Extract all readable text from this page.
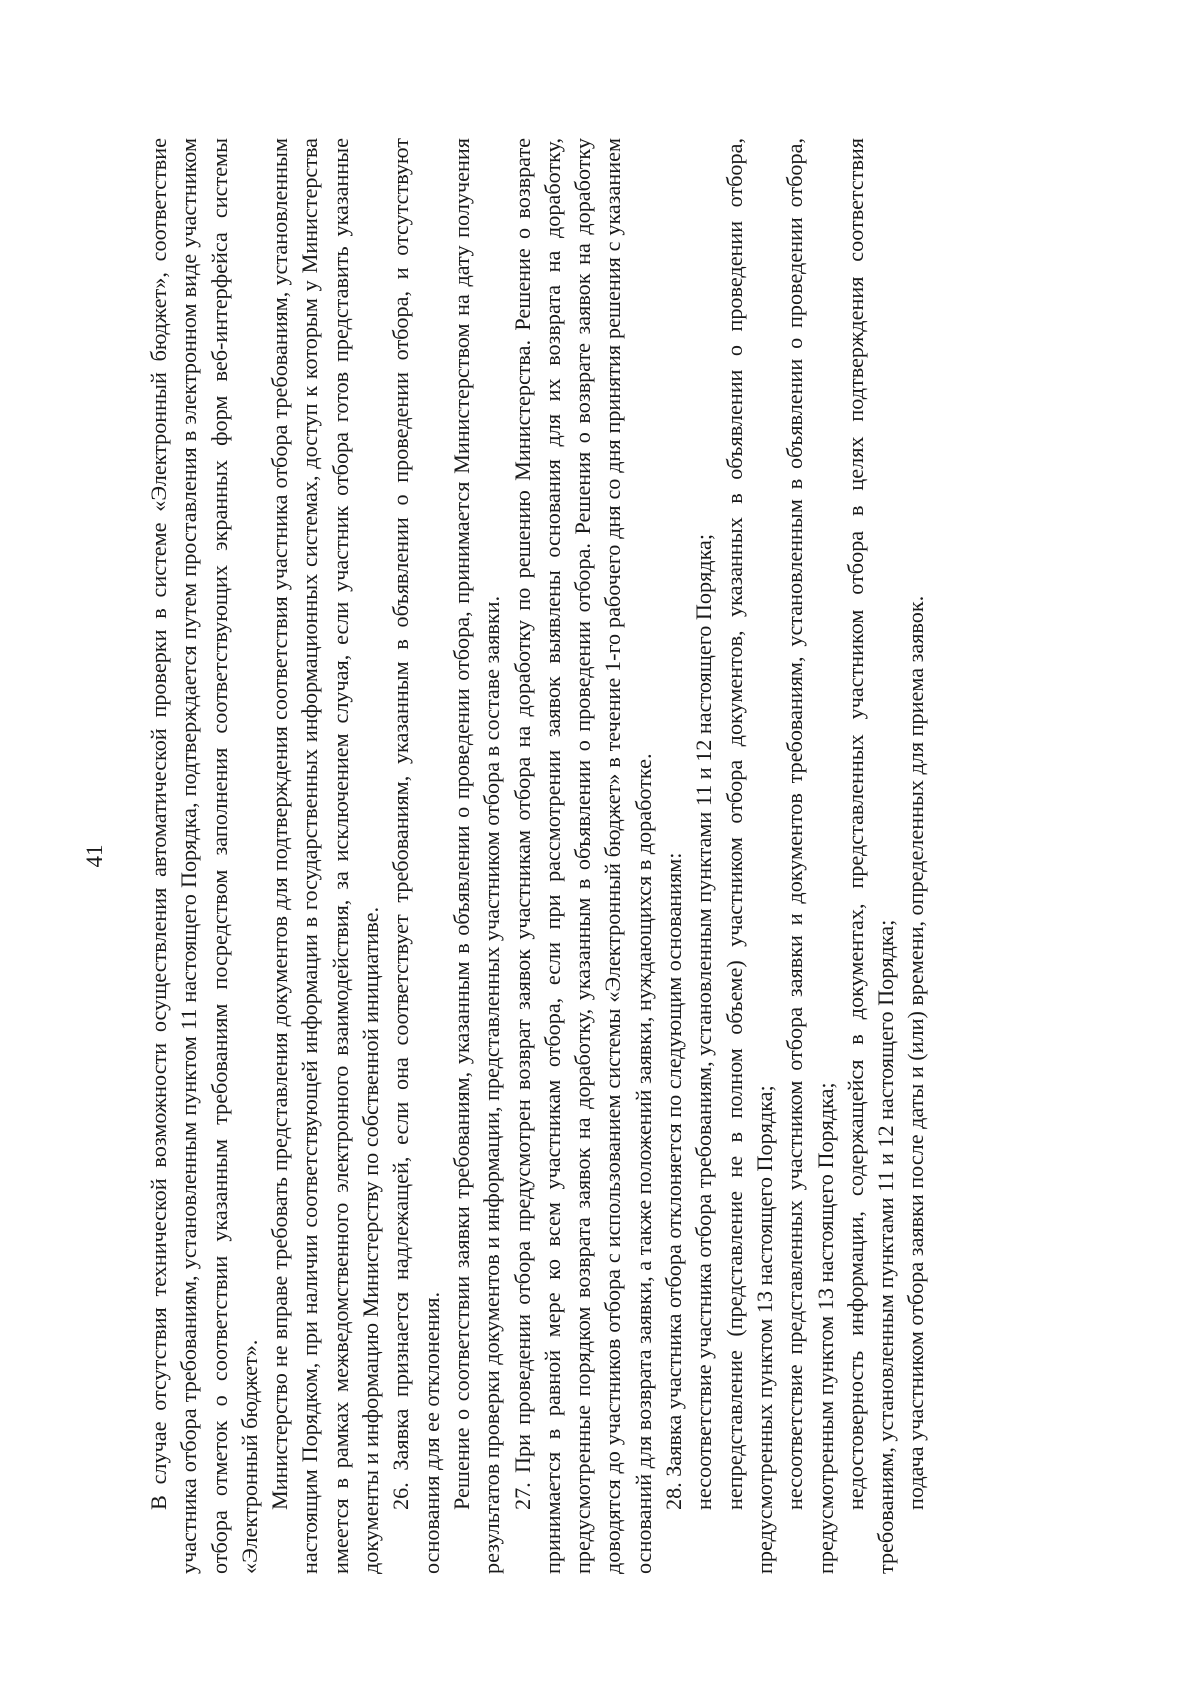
41 В случае отсутствия технической возможности осуществления автоматической проверки в системе «Электронный бюджет», соответствие участника отбора требованиям, установленным пунктом 11 настоящего Порядка, подтверждается путем проставления в электронном виде участником отбора отметок о соответствии указанным требованиям посредством заполнения соответствующих экранных форм веб-интерфейса системы «Электронный бюджет». Министерство не вправе требовать представления документов для подтверждения соответствия участника отбора требованиям, установленным настоящим Порядком, при наличии соответствующей информации в государственных информационных системах, доступ к которым у Министерства имеется в рамках межведомственного электронного взаимодействия, за исключением случая, если участник отбора готов представить указанные документы и информацию Министерству по собственной инициативе. 26. Заявка признается надлежащей, если она соответствует требованиям, указанным в объявлении о проведении отбора, и отсутствуют основания для ее отклонения. Решение о соответствии заявки требованиям, указанным в объявлении о проведении отбора, принимается Министерством на дату получения результатов проверки документов и информации, представленных участником отбора в составе заявки. 27. При проведении отбора предусмотрен возврат заявок участникам отбора на доработку по решению Министерства. Решение о возврате принимается в равной мере ко всем участникам отбора, если при рассмотрении заявок выявлены основания для их возврата на доработку, предусмотренные порядком возврата заявок на доработку, указанным в объявлении о проведении отбора. Решения о возврате заявок на доработку доводятся до участников отбора с использованием системы «Электронный бюджет» в течение 1-го рабочего дня со дня принятия решения с указанием оснований для возврата заявки, а также положений заявки, нуждающихся в доработке. 28. Заявка участника отбора отклоняется по следующим основаниям: несоответствие участника отбора требованиям, установленным пунктами 11 и 12 настоящего Порядка; непредставление (представление не в полном объеме) участником отбора документов, указанных в объявлении о проведении отбора, предусмотренных пунктом 13 настоящего Порядка; несоответствие представленных участником отбора заявки и документов требованиям, установленным в объявлении о проведении отбора, предусмотренным пунктом 13 настоящего Порядка; недостоверность информации, содержащейся в документах, представленных участником отбора в целях подтверждения соответствия требованиям, установленным пунктами 11 и 12 настоящего Порядка; подача участником отбора заявки после даты и (или) времени, определенных для приема заявок.
